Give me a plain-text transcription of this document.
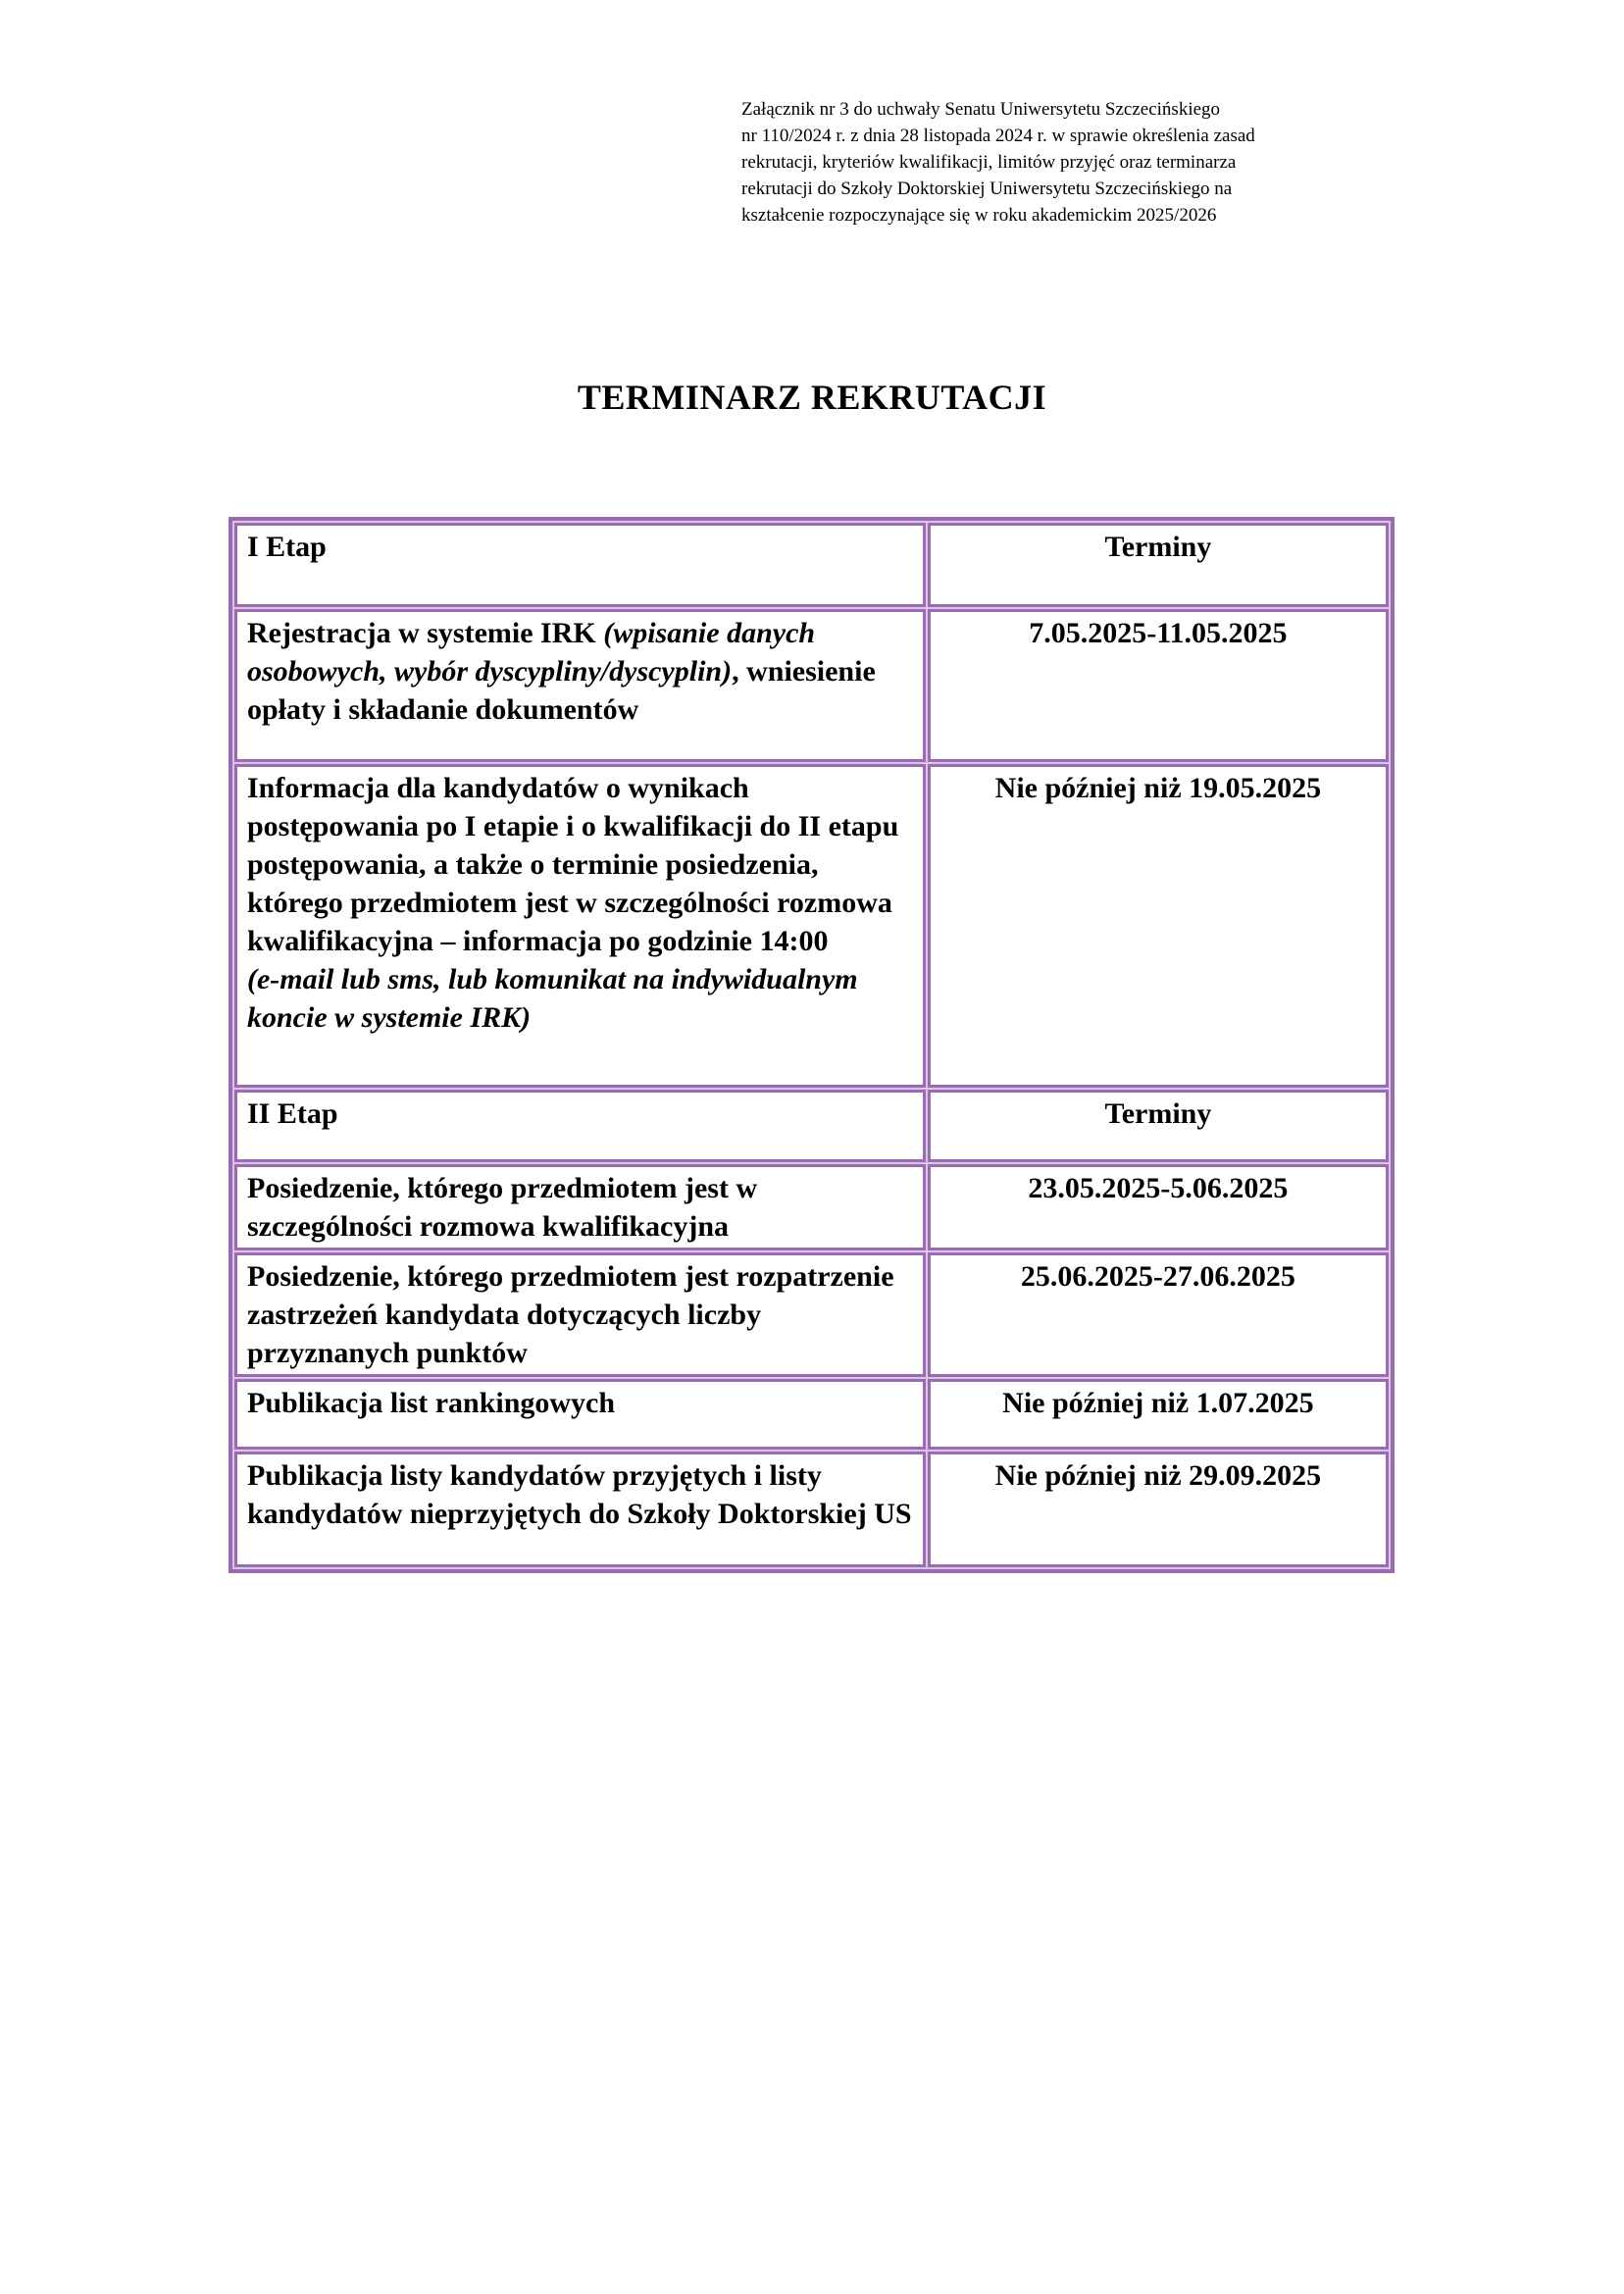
Załącznik nr 3 do uchwały Senatu Uniwersytetu Szczecińskiego
nr 110/2024 r. z dnia 28 listopada 2024 r. w sprawie określenia zasad
rekrutacji, kryteriów kwalifikacji, limitów przyjęć oraz terminarza
rekrutacji do Szkoły Doktorskiej Uniwersytetu Szczecińskiego na
kształcenie rozpoczynające się w roku akademickim 2025/2026
TERMINARZ REKRUTACJI
I Etap	Terminy
Rejestracja w systemie IRK (wpisanie danych osobowych, wybór dyscypliny/dyscyplin), wniesienie opłaty i składanie dokumentów	7.05.2025-11.05.2025
Informacja dla kandydatów o wynikach postępowania po I etapie i o kwalifikacji do II etapu postępowania, a także o terminie posiedzenia, którego przedmiotem jest w szczególności rozmowa kwalifikacyjna – informacja po godzinie 14:00
(e-mail lub sms, lub komunikat na indywidualnym koncie w systemie IRK)	Nie później niż 19.05.2025
II Etap	Terminy
Posiedzenie, którego przedmiotem jest w szczególności rozmowa kwalifikacyjna	23.05.2025-5.06.2025
Posiedzenie, którego przedmiotem jest rozpatrzenie zastrzeżeń kandydata dotyczących liczby przyznanych punktów	25.06.2025-27.06.2025
Publikacja list rankingowych	Nie później niż 1.07.2025
Publikacja listy kandydatów przyjętych i listy kandydatów nieprzyjętych do Szkoły Doktorskiej US	Nie później niż 29.09.2025
